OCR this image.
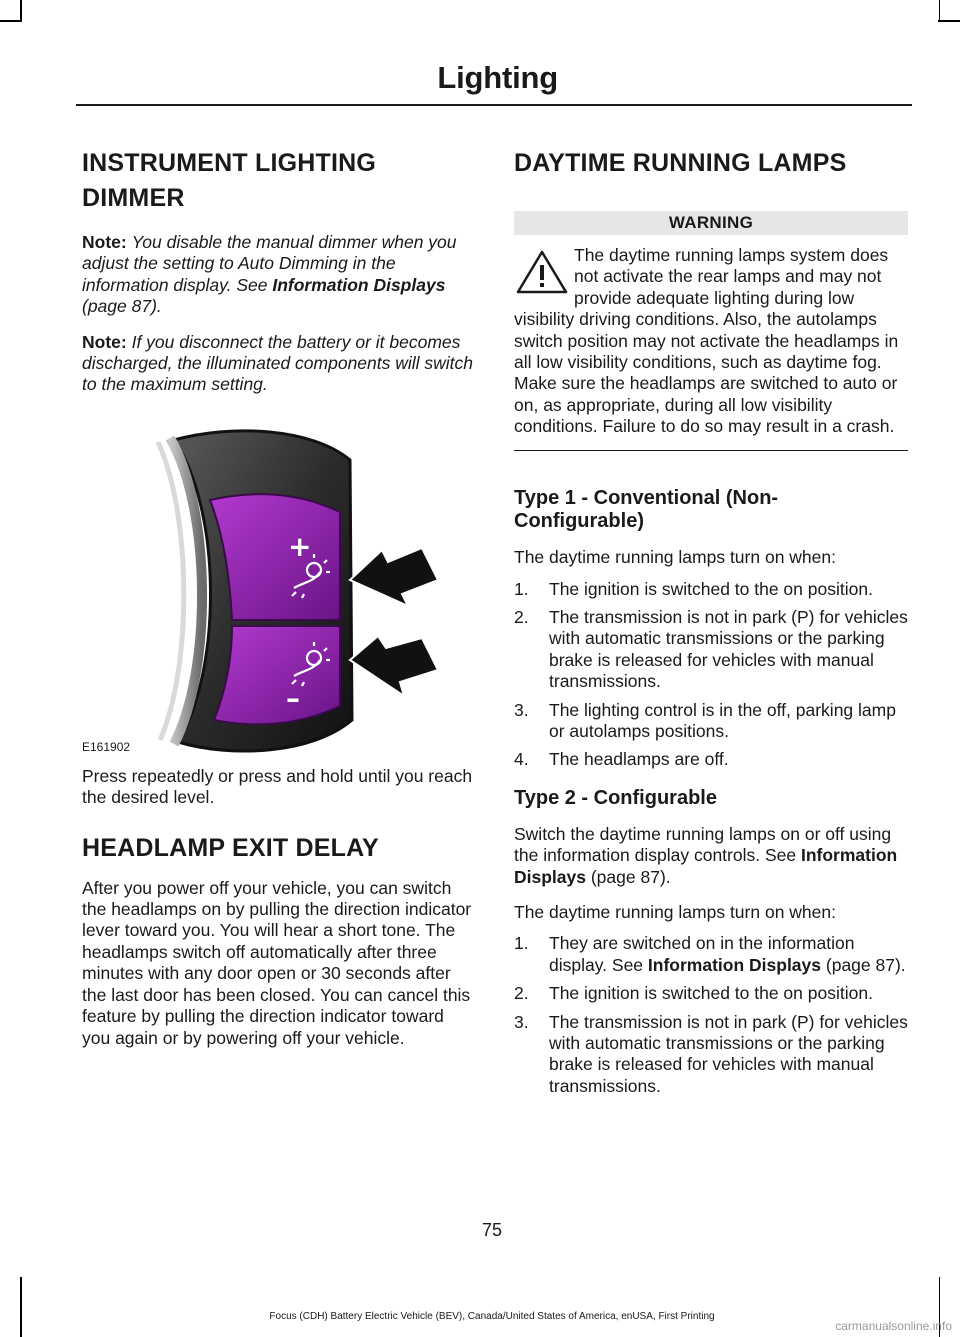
Lighting
INSTRUMENT LIGHTING DIMMER

Note: You disable the manual dimmer when you adjust the setting to Auto Dimming in the information display. See Information Displays (page 87).

Note: If you disconnect the battery or it becomes discharged, the illuminated components will switch to the maximum setting.

+
–
E161902

Press repeatedly or press and hold until you reach the desired level.

HEADLAMP EXIT DELAY

After you power off your vehicle, you can switch the headlamps on by pulling the direction indicator lever toward you. You will hear a short tone. The headlamps switch off automatically after three minutes with any door open or 30 seconds after the last door has been closed. You can cancel this feature by pulling the direction indicator toward you again or by powering off your vehicle.

DAYTIME RUNNING LAMPS
WARNING
The daytime running lamps system does not activate the rear lamps and may not provide adequate lighting during low visibility driving conditions. Also, the autolamps switch position may not activate the headlamps in all low visibility conditions, such as daytime fog. Make sure the headlamps are switched to auto or on, as appropriate, during all low visibility conditions. Failure to do so may result in a crash.
Type 1 - Conventional (Non-Configurable)

The daytime running lamps turn on when:

1. The ignition is switched to the on position.
2. The transmission is not in park (P) for vehicles with automatic transmissions or the parking brake is released for vehicles with manual transmissions.
3. The lighting control is in the off, parking lamp or autolamps positions.
4. The headlamps are off.
Type 2 - Configurable

Switch the daytime running lamps on or off using the information display controls. See Information Displays (page 87).

The daytime running lamps turn on when:

1. They are switched on in the information display. See Information Displays (page 87).
2. The ignition is switched to the on position.
3. The transmission is not in park (P) for vehicles with automatic transmissions or the parking brake is released for vehicles with manual transmissions.
75
Focus (CDH) Battery Electric Vehicle (BEV), Canada/United States of America, enUSA, First Printing
carmanualsonline.info
